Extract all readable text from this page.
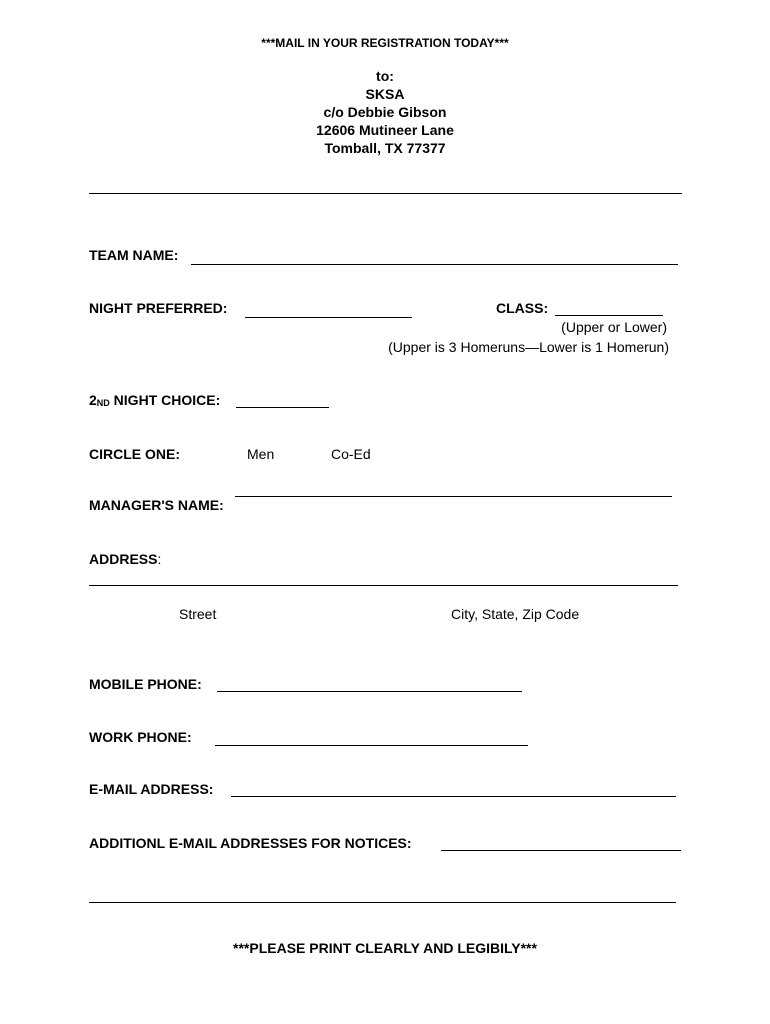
***MAIL IN YOUR REGISTRATION TODAY***
to:
SKSA
c/o Debbie Gibson
12606 Mutineer Lane
Tomball, TX 77377
TEAM NAME:
NIGHT PREFERRED:	CLASS:
(Upper or Lower)
(Upper is 3 Homeruns—Lower is 1 Homerun)
2ND NIGHT CHOICE:
CIRCLE ONE:	Men	Co-Ed
MANAGER'S NAME:
ADDRESS:
Street	City, State, Zip Code
MOBILE PHONE:
WORK PHONE:
E-MAIL ADDRESS:
ADDITIONL E-MAIL ADDRESSES FOR NOTICES:
***PLEASE PRINT CLEARLY AND LEGIBILY***
